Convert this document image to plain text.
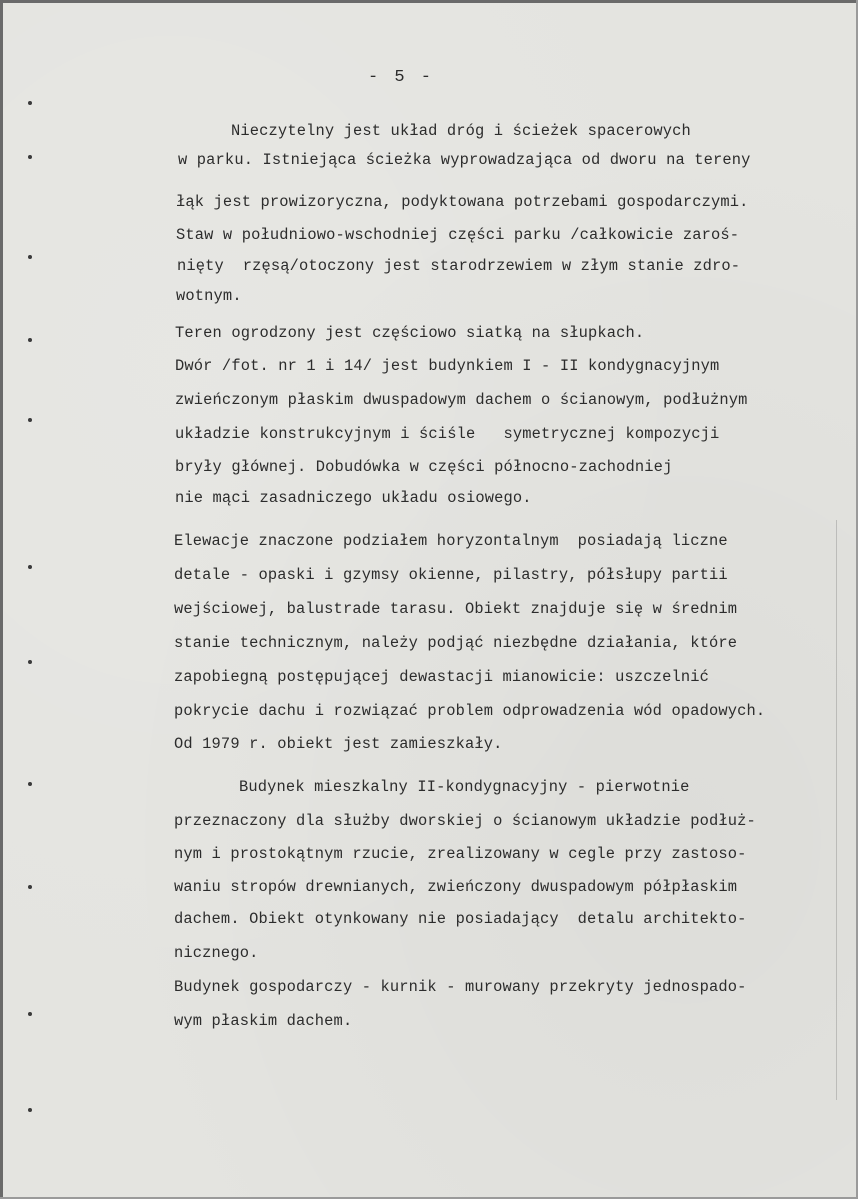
- 5 -
Nieczytelny jest układ dróg i ścieżek spacerowych
w parku. Istniejąca ścieżka wyprowadzająca od dworu na tereny
łąk jest prowizoryczna, podyktowana potrzebami gospodarczymi.
Staw w południowo-wschodniej części parku /całkowicie zaroś-
nięty  rzęsą/otoczony jest starodrzewiem w złym stanie zdro-
wotnym.
Teren ogrodzony jest częściowo siatką na słupkach.
Dwór /fot. nr 1 i 14/ jest budynkiem I - II kondygnacyjnym
zwieńczonym płaskim dwuspadowym dachem o ścianowym, podłużnym
układzie konstrukcyjnym i ściśle   symetrycznej kompozycji
bryły głównej. Dobudówka w części północno-zachodniej
nie mąci zasadniczego układu osiowego.
Elewacje znaczone podziałem horyzontalnym  posiadają liczne
detale - opaski i gzymsy okienne, pilastry, półsłupy partii
wejściowej, balustrade tarasu. Obiekt znajduje się w średnim
stanie technicznym, należy podjąć niezbędne działania, które
zapobiegną postępującej dewastacji mianowicie: uszczelnić
pokrycie dachu i rozwiązać problem odprowadzenia wód opadowych.
Od 1979 r. obiekt jest zamieszkały.
Budynek mieszkalny II-kondygnacyjny - pierwotnie
przeznaczony dla służby dworskiej o ścianowym układzie podłuż-
nym i prostokątnym rzucie, zrealizowany w cegle przy zastoso-
waniu stropów drewnianych, zwieńczony dwuspadowym półpłaskim
dachem. Obiekt otynkowany nie posiadający  detalu architekto-
nicznego.
Budynek gospodarczy - kurnik - murowany przekryty jednospado-
wym płaskim dachem.
